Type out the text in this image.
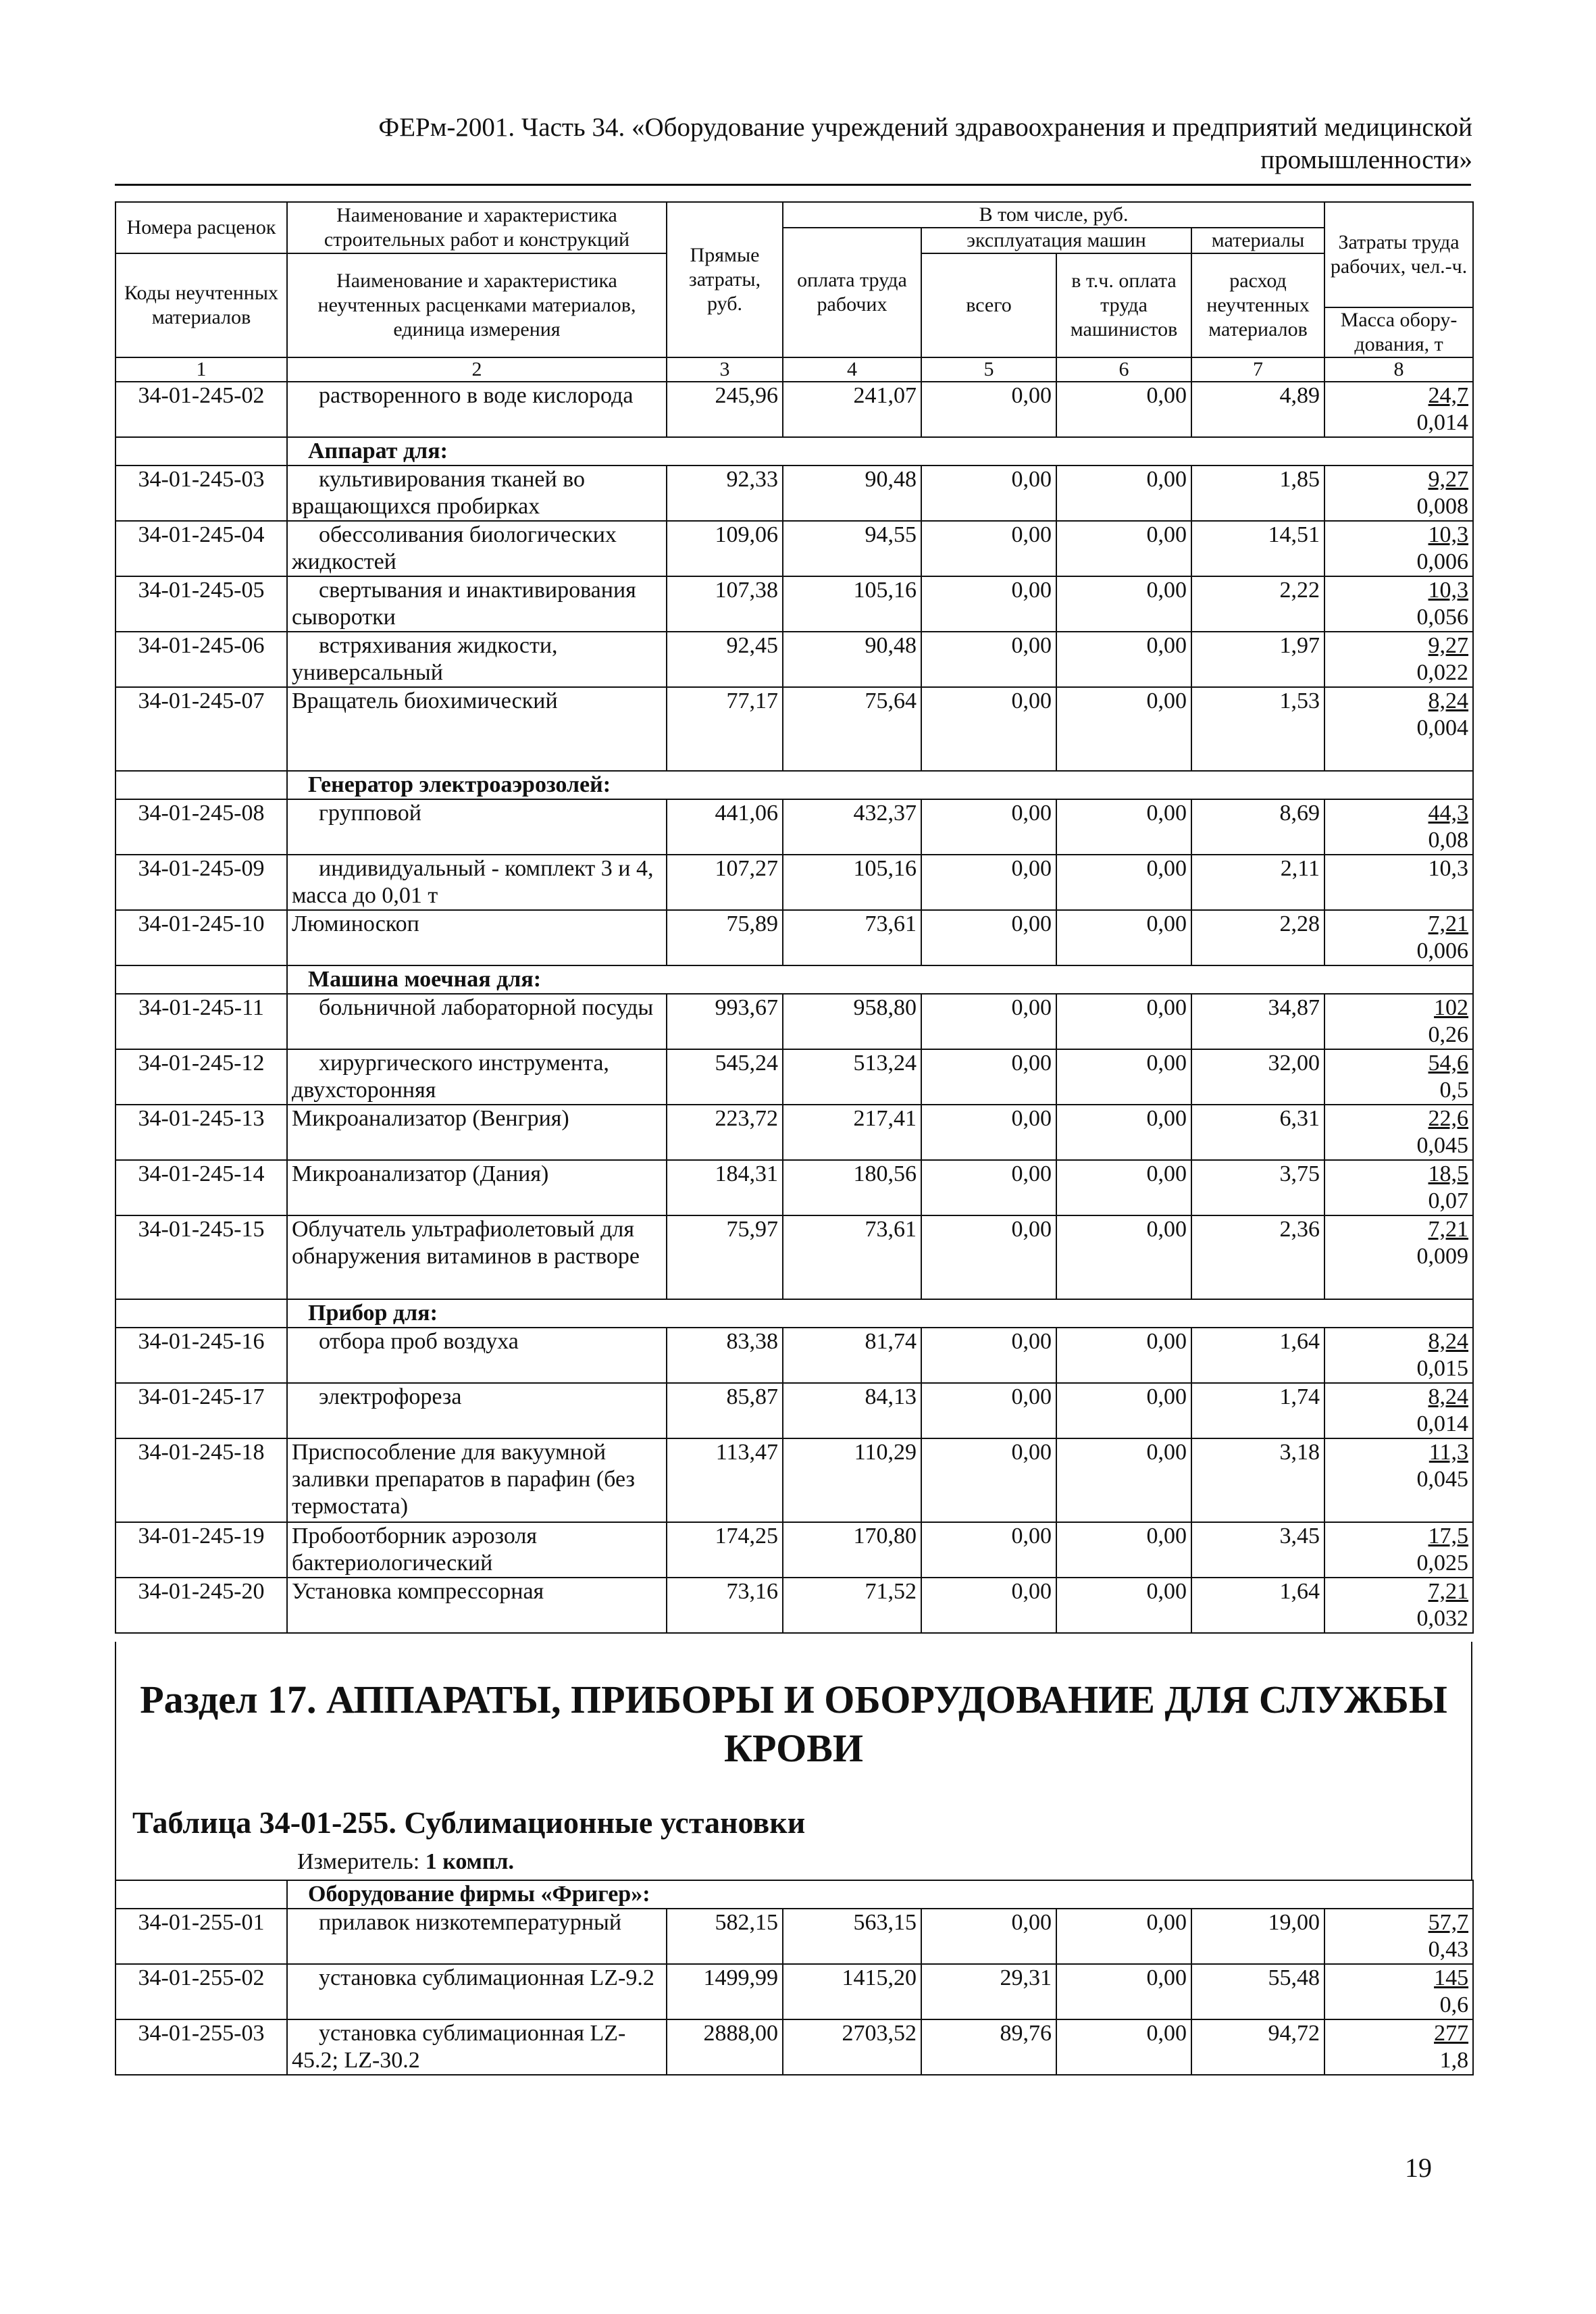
ФЕРм-2001. Часть 34. «Оборудование учреждений здравоохранения и предприятий медицинской
промышленности»
Номера расценок	Наименование и характеристика строительных работ и конструкций	Прямые затраты, руб.	В том числе, руб.				Затраты труда рабочих, чел.-ч.
			оплата труда рабочих	эксплуатация машин		материалы	
Коды неучтенных материалов	Наименование и характеристика неучтенных расценками материалов, единица измерения			всего	в т.ч. оплата труда машинистов	расход неучтенных материалов	
							Масса обору- дования, т
1	2	3	4	5	6	7	8
34-01-245-02	растворенного в воде кислорода	245,96	241,07	0,00	0,00	4,89	24,7
0,014

	Аппарат для:						
34-01-245-03	культивирования тканей во вращающихся пробирках	92,33	90,48	0,00	0,00	1,85	9,27
0,008

34-01-245-04	обессоливания биологических жидкостей	109,06	94,55	0,00	0,00	14,51	10,3
0,006

34-01-245-05	свертывания и инактивирования сыворотки	107,38	105,16	0,00	0,00	2,22	10,3
0,056

34-01-245-06	встряхивания жидкости, универсальный	92,45	90,48	0,00	0,00	1,97	9,27
0,022

34-01-245-07	Вращатель биохимический	77,17	75,64	0,00	0,00	1,53	8,24
0,004

	Генератор электроаэрозолей:						
34-01-245-08	групповой	441,06	432,37	0,00	0,00	8,69	44,3
0,08

34-01-245-09	индивидуальный - комплект 3 и 4, масса до 0,01 т	107,27	105,16	0,00	0,00	2,11	10,3

34-01-245-10	Люминоскоп	75,89	73,61	0,00	0,00	2,28	7,21
0,006

	Машина моечная для:						
34-01-245-11	больничной лабораторной посуды	993,67	958,80	0,00	0,00	34,87	102
0,26

34-01-245-12	хирургического инструмента, двухсторонняя	545,24	513,24	0,00	0,00	32,00	54,6
0,5

34-01-245-13	Микроанализатор (Венгрия)	223,72	217,41	0,00	0,00	6,31	22,6
0,045

34-01-245-14	Микроанализатор (Дания)	184,31	180,56	0,00	0,00	3,75	18,5
0,07

34-01-245-15	Облучатель ультрафиолетовый для обнаружения витаминов в растворе	75,97	73,61	0,00	0,00	2,36	7,21
0,009

	Прибор для:						
34-01-245-16	отбора проб воздуха	83,38	81,74	0,00	0,00	1,64	8,24
0,015

34-01-245-17	электрофореза	85,87	84,13	0,00	0,00	1,74	8,24
0,014

34-01-245-18	Приспособление для вакуумной заливки препаратов в парафин (без термостата)	113,47	110,29	0,00	0,00	3,18	11,3
0,045

34-01-245-19	Пробоотборник аэрозоля бактериологический	174,25	170,80	0,00	0,00	3,45	17,5
0,025

34-01-245-20	Установка компрессорная	73,16	71,52	0,00	0,00	1,64	7,21
0,032
Раздел 17. АППАРАТЫ, ПРИБОРЫ И ОБОРУДОВАНИЕ ДЛЯ СЛУЖБЫ КРОВИ
Таблица 34-01-255. Сублимационные установки
Измеритель: 1 компл.
	Оборудование фирмы «Фригер»:						
34-01-255-01	прилавок низкотемпературный	582,15	563,15	0,00	0,00	19,00	57,7
0,43

34-01-255-02	установка сублимационная LZ-9.2	1499,99	1415,20	29,31	0,00	55,48	145
0,6

34-01-255-03	установка сублимационная LZ-45.2; LZ-30.2	2888,00	2703,52	89,76	0,00	94,72	277
1,8
19
